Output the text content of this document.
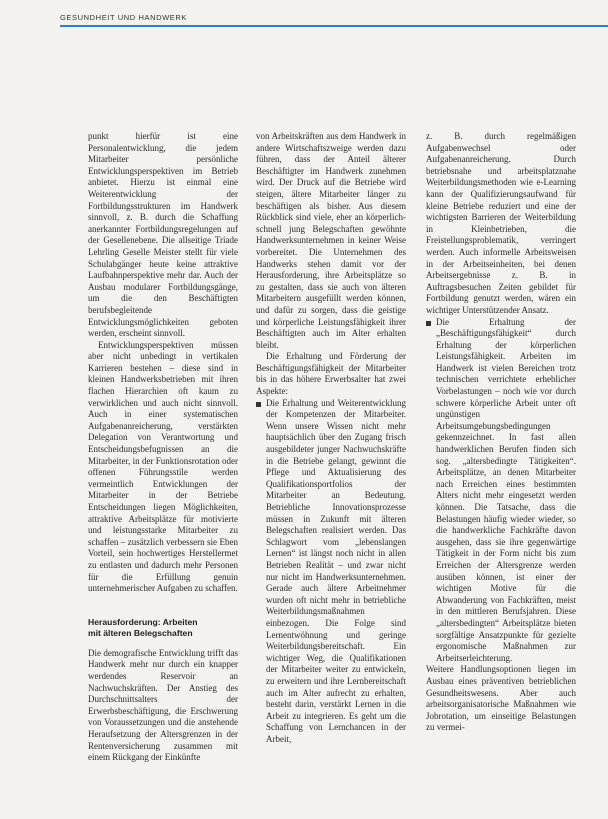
GESUNDHEIT UND HANDWERK

punkt hierfür ist eine Personalentwicklung, die jedem Mitarbeiter persönliche Entwicklungsperspektiven im Betrieb anbietet. Hierzu ist einmal eine Weiterentwicklung der Fortbildungsstrukturen im Handwerk sinnvoll, z. B. durch die Schaffung anerkannter Fortbildungsregelungen auf der Gesellenebene. Die allseitige Triade Lehrling Geselle Meister stellt für viele Schulabgänger heute keine attraktive Laufbahnperspektive mehr dar. Auch der Ausbau modularer Fortbildungsgänge, um die den Beschäftigten berufsbegleitende Entwicklungsmöglichkeiten geboten werden, erscheint sinnvoll.

Entwicklungsperspektiven müssen aber nicht unbedingt in vertikalen Karrieren bestehen – diese sind in kleinen Handwerksbetrieben mit ihren flachen Hierarchien oft kaum zu verwirklichen und auch nicht sinnvoll. Auch in einer systematischen Aufgabenanreicherung, verstärkten Delegation von Verantwortung und Entscheidungsbefugnissen an die Mitarbeiter, in der Funktionsrotation oder offenen Führungsstile werden vermeintlich Entwicklungen der Mitarbeiter in der Betriebe Entscheidungen liegen Möglichkeiten, attraktive Arbeitsplätze für motivierte und leistungsstarke Mitarbeiter zu schaffen – zusätzlich verbessern sie Eben Vorteil, sein hochwertiges Herstellermet zu entlasten und dadurch mehr Personen für die Erfüllung genuin unternehmerischer Aufgaben zu schaffen.

Herausforderung: Arbeiten
mit älteren Belegschaften

Die demografische Entwicklung trifft das Handwerk mehr nur durch ein knapper werdendes Reservoir an Nachwuchskräften. Der Anstieg des Durchschnittsalters der Erwerbsbeschäftigung, die Erschwerung von Voraussetzungen und die anstehende Heraufsetzung der Altersgrenzen in der Rentenversicherung zusammen mit einem Rückgang der Einkünfte

von Arbeitskräften aus dem Handwerk in andere Wirtschaftszweige werden dazu führen, dass der Anteil älterer Beschäftigter im Handwerk zunehmen wird. Der Druck auf die Betriebe wird steigen, ältere Mitarbeiter länger zu beschäftigen als bisher. Aus diesem Rückblick sind viele, eher an körperlich-schnell jung Belegschaften gewöhnte Handwerksunternehmen in keiner Weise vorbereitet. Die Unternehmen des Handwerks stehen damit vor der Herausforderung, ihre Arbeitsplätze so zu gestalten, dass sie auch von älteren Mitarbeitern ausgefüllt werden können, und dafür zu sorgen, dass die geistige und körperliche Leistungsfähigkeit ihrer Beschäftigten auch im Alter erhalten bleibt.

Die Erhaltung und Förderung der Beschäftigungsfähigkeit der Mitarbeiter bis in das höhere Erwerbsalter hat zwei Aspekte:

Die Erhaltung und Weiterentwicklung der Kompetenzen der Mitarbeiter. Wenn unsere Wissen nicht mehr hauptsächlich über den Zugang frisch ausgebildeter junger Nachwuchskräfte in die Betriebe gelangt, gewinnt die Pflege und Aktualisierung des Qualifikationsportfolios der Mitarbeiter an Bedeutung. Betriebliche Innovationsprozesse müssen in Zukunft mit älteren Belegschaften realisiert werden. Das Schlagwort vom „lebenslangen Lernen“ ist längst noch nicht in allen Betrieben Realität – und zwar nicht nur nicht im Handwerksunternehmen. Gerade auch ältere Arbeitnehmer wurden oft nicht mehr in betriebliche Weiterbildungsmaßnahmen einbezogen. Die Folge sind Lernentwöhnung und geringe Weiterbildungsbereitschaft. Ein wichtiger Weg, die Qualifikationen der Mitarbeiter weiter zu entwickeln, zu erweitern und ihre Lernbereitschaft auch im Alter aufrecht zu erhalten, besteht darin, verstärkt Lernen in die Arbeit zu integrieren. Es geht um die Schaffung von Lernchancen in der Arbeit,

z. B. durch regelmäßigen Aufgabenwechsel oder Aufgabenanreicherung. Durch betriebsnahe und arbeitsplatznahe Weiterbildungsmethoden wie e-Learning kann der Qualifizierungsaufwand für kleine Betriebe reduziert und eine der wichtigsten Barrieren der Weiterbildung in Kleinbetrieben, die Freistellungsproblematik, verringert werden. Auch informelle Arbeitsweisen in der Arbeitseinheiten, bei denen Arbeitsergebnisse z. B. in Auftragsbesuchen Zeiten gebildet für Fortbildung genutzt werden, wären ein wichtiger Unterstützender Ansatz.

Die Erhaltung der „Beschäftigungsfähigkeit“ durch Erhaltung der körperlichen Leistungsfähigkeit. Arbeiten im Handwerk ist vielen Bereichen trotz technischen verrichtete erheblicher Vorbelastungen – noch wie vor durch schwere körperliche Arbeit unter oft ungünstigen Arbeitsumgebungsbedingungen gekennzeichnet. In fast allen handwerklichen Berufen finden sich sog. „altersbedingte Tätigkeiten“. Arbeitsplätze, an denen Mitarbeiter nach Erreichen eines bestimmten Alters nicht mehr eingesetzt werden können. Die Tatsache, dass die Belastungen häufig wieder wieder, so die handwerkliche Fachkräfte davon ausgehen, dass sie ihre gegenwärtige Tätigkeit in der Form nicht bis zum Erreichen der Altersgrenze werden ausüben können, ist einer der wichtigen Motive für die Abwanderung von Fachkräften, meist in den mittleren Berufsjahren. Diese „altersbedingten“ Arbeitsplätze bieten sorgfältige Ansatzpunkte für gezielte ergonomische Maßnahmen zur Arbeitserleichterung.

Weitere Handlungsoptionen liegen im Ausbau eines präventiven betrieblichen Gesundheitswesens. Aber auch arbeitsorganisatorische Maßnahmen wie Jobrotation, um einseitige Belastungen zu vermei-
